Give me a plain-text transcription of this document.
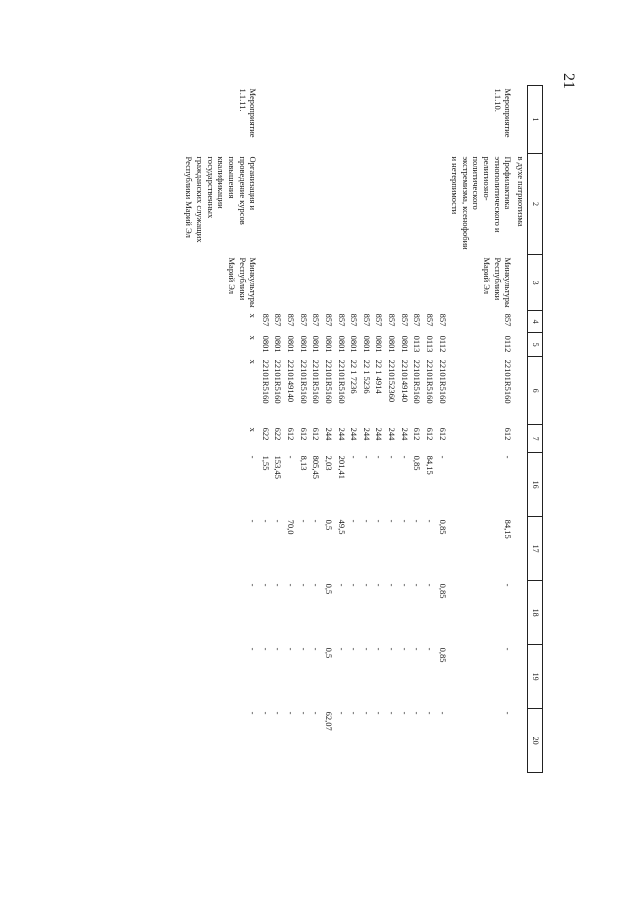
21
1	2	3	4	5	6	7	16	17	18	19	20
	в духе патриотизма										
Мероприятие 1.1.10.	Профилактика этнополитического и религиозно-политического экстремизма, ксенофобии и нетерпимости	Минкультуры Республики Марий Эл	857	0112	22101R5160	612	-	84,15	-	-	-
			857	0112	22101R5160	612	-	0,85	0,85	0,85	-
			857	0113	22101R5160	612	84,15	-	-	-	-
			857	0113	22101R5160	612	0,85	-	-	-	-
			857	0801	2210149140	244	-	-	-	-	-
			857	0801	2210152360	244	-	-	-	-	-
			857	0801	22 1 4914	244	-	-	-	-	-
			857	0801	22 1 5236	244	-	-	-	-	-
			857	0801	22 1 7236	244	-	-	-	-	-
			857	0801	22101R5160	244	201,41	49,5	-	-	-
			857	0801	22101R5160	244	2,03	0,5	0,5	0,5	62,07
			857	0801	22101R5160	612	805,45	-	-	-	-
			857	0801	22101R5160	612	8,13	-	-	-	-
			857	0801	2210149140	612	-	70,0	-	-	-
			857	0801	22101R5160	622	153,45	-	-	-	-
			857	0801	22101R5160	622	1,55	-	-	-	-
Мероприятие 1.1.11.	Организация и проведение курсов повышения квалификации государственных гражданских служащих Республики Марий Эл	Минкультуры Республики Марий Эл	x	x	x	x	-	-	-	-	-
